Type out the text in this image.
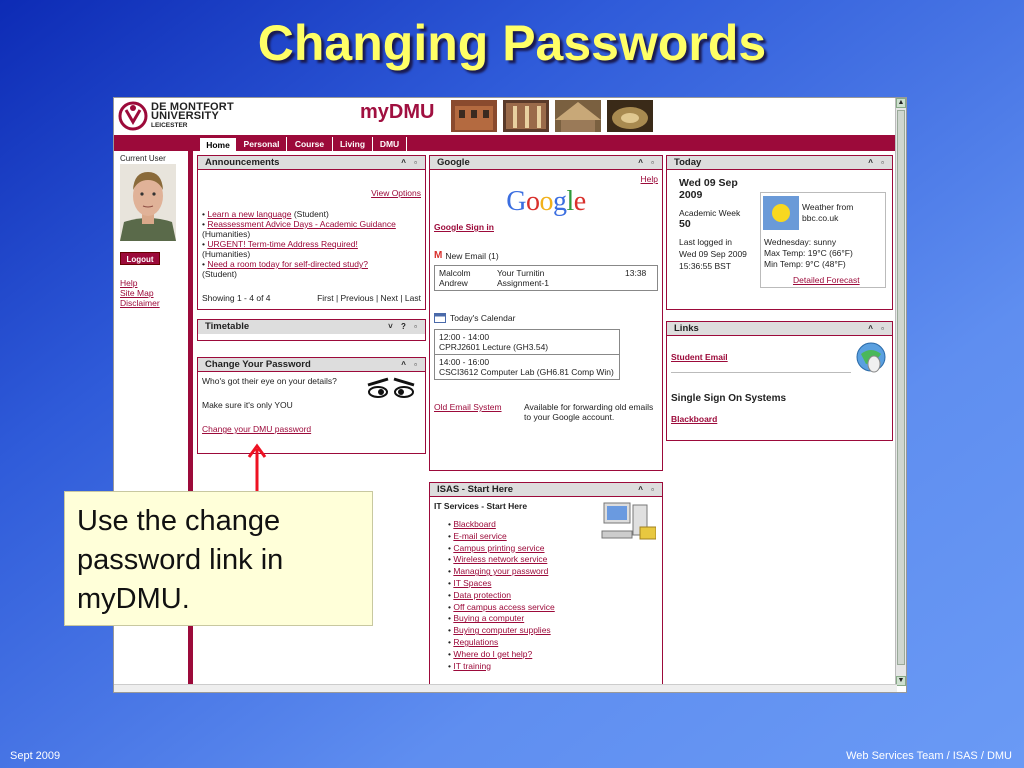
Changing Passwords
DE MONTFORT
UNIVERSITY
LEICESTER
myDMU
Home	Personal	Course	Living	DMU
Current User
Logout
Help
Site Map
Disclaimer
Announcements	^ ▫
View Options
• Learn a new language (Student)
• Reassessment Advice Days - Academic Guidance
(Humanities)
• URGENT! Term-time Address Required!
(Humanities)
• Need a room today for self-directed study?
(Student)
Showing 1 - 4 of 4	First | Previous | Next | Last
Timetable	˅ ? ▫
Change Your Password	^ ▫
Who's got their eye on your details?
Make sure it's only YOU
Change your DMU password
Google	^ ▫
Help
Google
Google Sign in
M New Email (1)
Malcolm	Your Turnitin	13:38
Andrew	Assignment-1
Today's Calendar
12:00 - 14:00
CPRJ2601 Lecture (GH3.54)
14:00 - 16:00
CSCI3612 Computer Lab (GH6.81 Comp Win)
Old Email System	Available for forwarding old emails to your Google account.
ISAS - Start Here	^ ▫
IT Services - Start Here
• Blackboard
• E-mail service
• Campus printing service
• Wireless network service
• Managing your password
• IT Spaces
• Data protection
• Off campus access service
• Buying a computer
• Buying computer supplies
• Regulations
• Where do I get help?
• IT training
Today	^ ▫
Wed 09 Sep 2009
Academic Week
50
Last logged in Wed 09 Sep 2009 15:36:55 BST
Weather from bbc.co.uk
Wednesday: sunny
Max Temp: 19°C (66°F)
Min Temp: 9°C (48°F)
Detailed Forecast
Links	^ ▫
Student Email
Single Sign On Systems
Blackboard
▲
▼
Use the change password link in myDMU.
Sept 2009	Web Services Team / ISAS / DMU
